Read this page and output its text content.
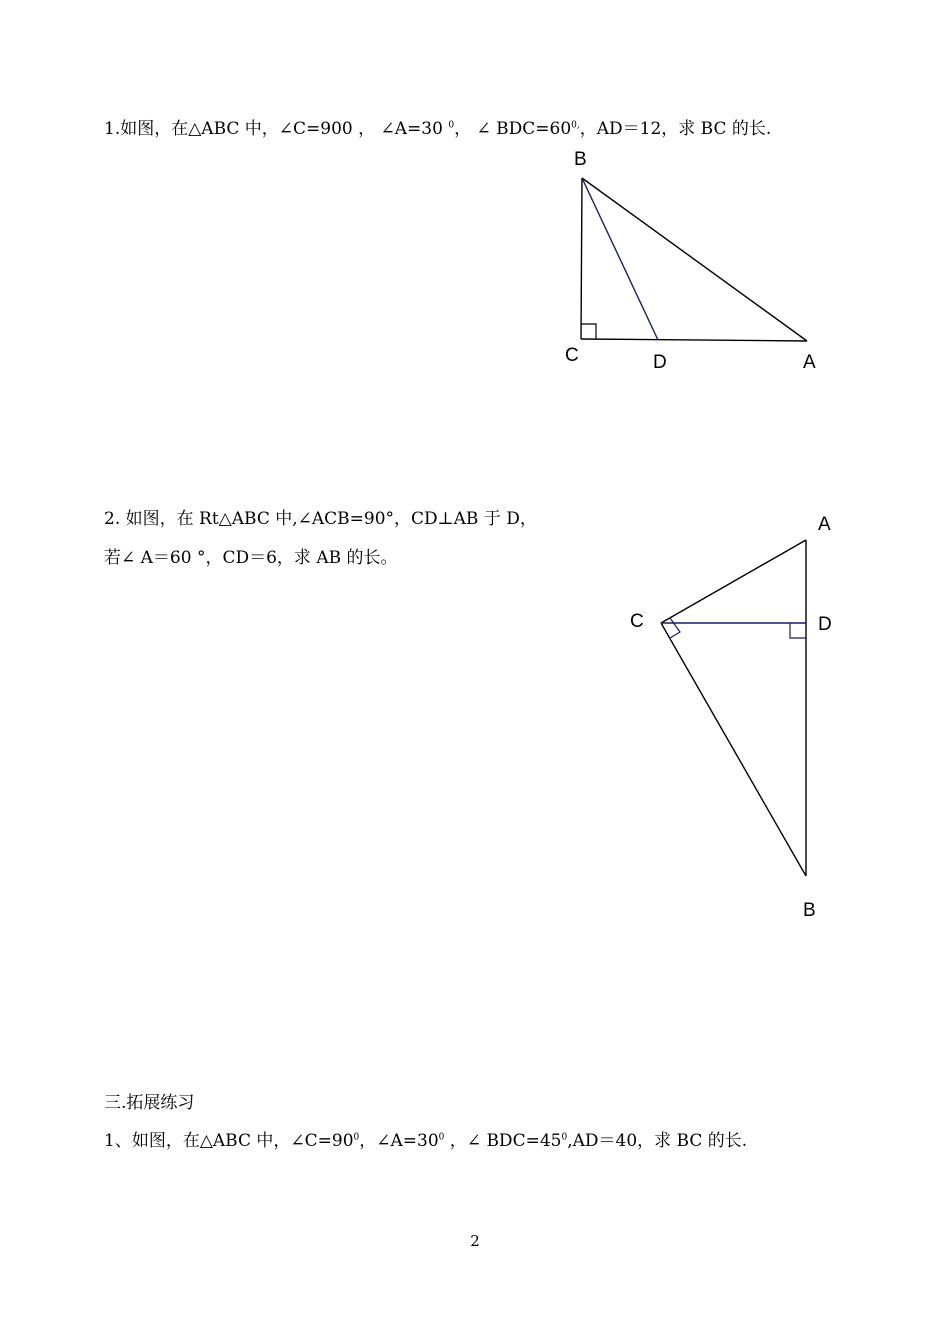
1.如图，在△ABC 中，∠C=900 ， ∠A=30 $^0$， ∠ $BDC=60^{0,}$，AD＝12，求 BC 的长.
B
C	D	A
2. 如图，在 Rt△ABC 中,∠ACB=90°，CD⊥AB 于 D，
若∠ A＝60 °，CD＝6，求 AB 的长。
A
C	D
B
三.拓展练习
1、如图，在△ABC 中，$\angle C=90^0$，$\angle A=30^0$ ，∠ $BDC=45^0,AD=40$，求 BC 的长.
2
